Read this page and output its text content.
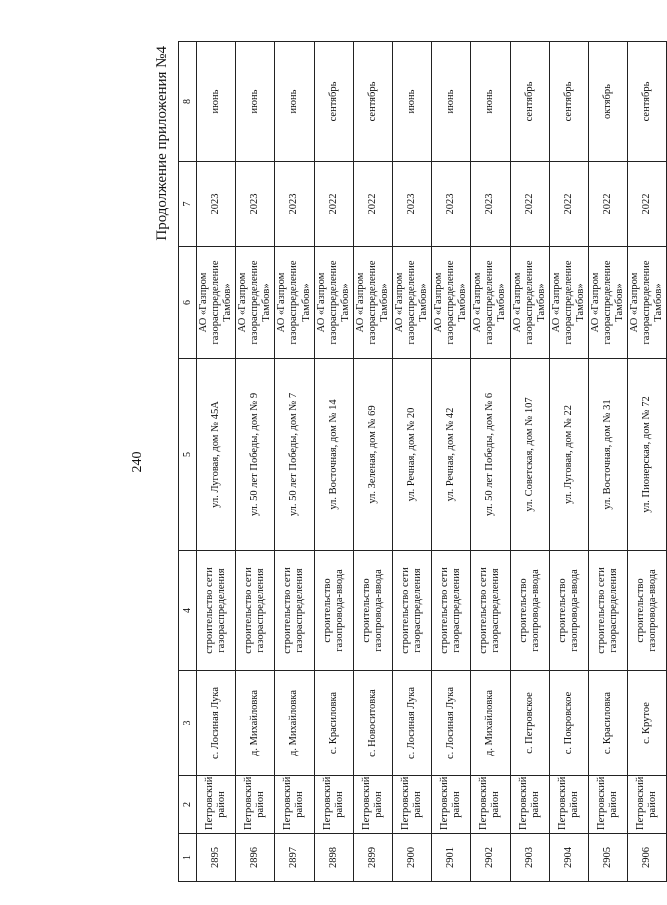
240
Продолжение приложения №4
1	2	3	4	5	6	7	8
2895	Петровский район	с. Лосиная Лука	строительство сети газораспределения	ул. Луговая, дом № 45А	АО «Газпром газораспределение Тамбов»	2023	июнь
2896	Петровский район	д. Михайловка	строительство сети газораспределения	ул. 50 лет Победы, дом № 9	АО «Газпром газораспределение Тамбов»	2023	июнь
2897	Петровский район	д. Михайловка	строительство сети газораспределения	ул. 50 лет Победы, дом № 7	АО «Газпром газораспределение Тамбов»	2023	июнь
2898	Петровский район	с. Красиловка	строительство газопровода-ввода	ул. Восточная, дом № 14	АО «Газпром газораспределение Тамбов»	2022	сентябрь
2899	Петровский район	с. Новоситовка	строительство газопровода-ввода	ул. Зеленая, дом № 69	АО «Газпром газораспределение Тамбов»	2022	сентябрь
2900	Петровский район	с. Лосиная Лука	строительство сети газораспределения	ул. Речная, дом № 20	АО «Газпром газораспределение Тамбов»	2023	июнь
2901	Петровский район	с. Лосиная Лука	строительство сети газораспределения	ул. Речная, дом № 42	АО «Газпром газораспределение Тамбов»	2023	июнь
2902	Петровский район	д. Михайловка	строительство сети газораспределения	ул. 50 лет Победы, дом № 6	АО «Газпром газораспределение Тамбов»	2023	июнь
2903	Петровский район	с. Петровское	строительство газопровода-ввода	ул. Советская, дом № 107	АО «Газпром газораспределение Тамбов»	2022	сентябрь
2904	Петровский район	с. Покровское	строительство газопровода-ввода	ул. Луговая, дом № 22	АО «Газпром газораспределение Тамбов»	2022	сентябрь
2905	Петровский район	с. Красиловка	строительство сети газораспределения	ул. Восточная, дом № 31	АО «Газпром газораспределение Тамбов»	2022	октябрь
2906	Петровский район	с. Крутое	строительство газопровода-ввода	ул. Пионерская, дом № 72	АО «Газпром газораспределение Тамбов»	2022	сентябрь
